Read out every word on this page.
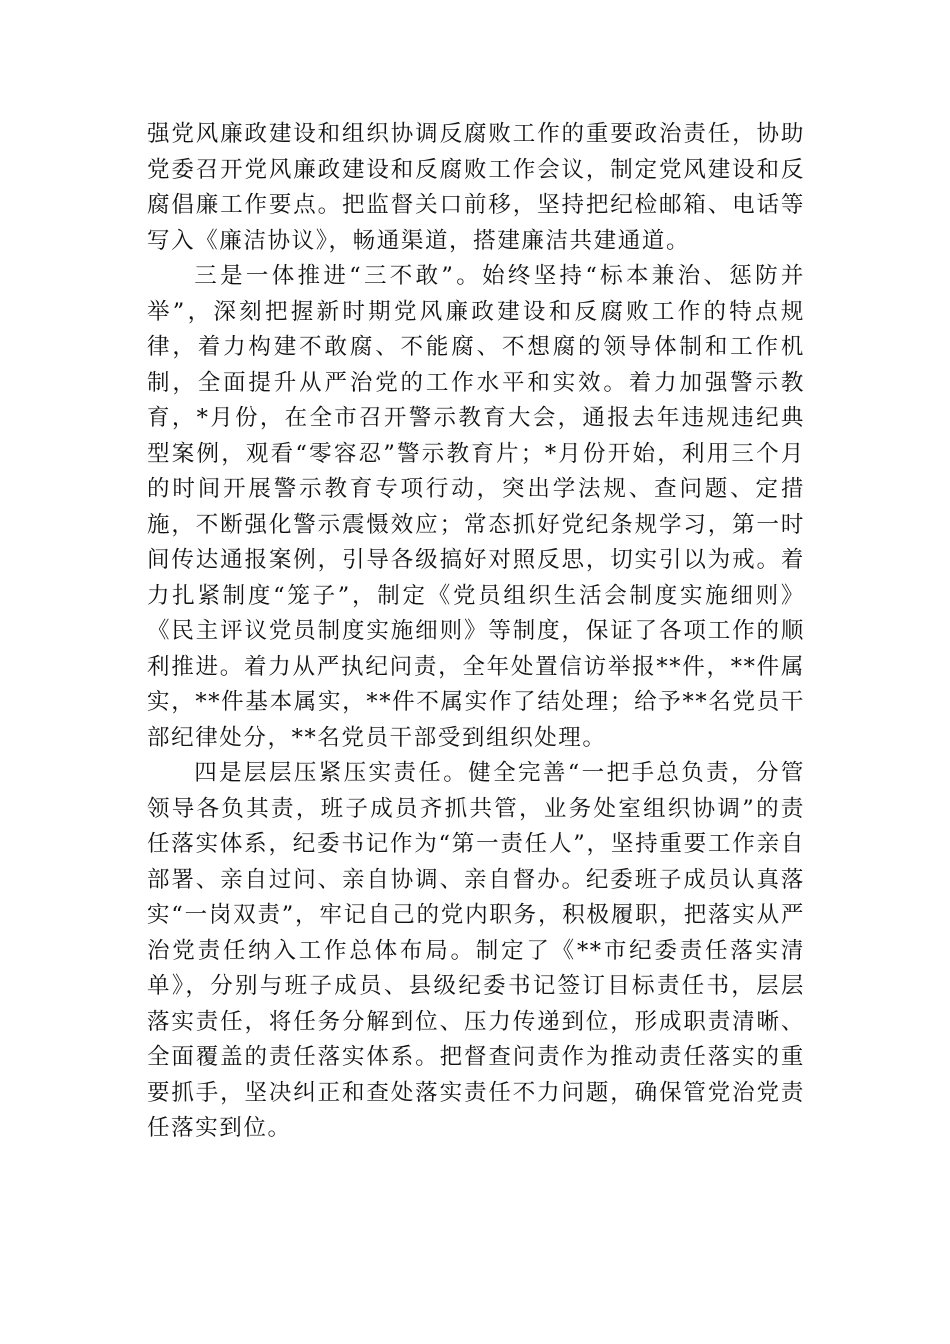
强党风廉政建设和组织协调反腐败工作的重要政治责任，协助党委召开党风廉政建设和反腐败工作会议，制定党风建设和反腐倡廉工作要点。把监督关口前移，坚持把纪检邮箱、电话等写入《廉洁协议》，畅通渠道，搭建廉洁共建通道。

三是一体推进“三不敢”。始终坚持“标本兼治、惩防并举”，深刻把握新时期党风廉政建设和反腐败工作的特点规律，着力构建不敢腐、不能腐、不想腐的领导体制和工作机制，全面提升从严治党的工作水平和实效。着力加强警示教育，*月份，在全市召开警示教育大会，通报去年违规违纪典型案例，观看“零容忍”警示教育片；*月份开始，利用三个月的时间开展警示教育专项行动，突出学法规、查问题、定措施，不断强化警示震慑效应；常态抓好党纪条规学习，第一时间传达通报案例，引导各级搞好对照反思，切实引以为戒。着力扎紧制度“笼子”，制定《党员组织生活会制度实施细则》《民主评议党员制度实施细则》等制度，保证了各项工作的顺利推进。着力从严执纪问责，全年处置信访举报**件，**件属实，**件基本属实，**件不属实作了结处理；给予**名党员干部纪律处分，**名党员干部受到组织处理。

四是层层压紧压实责任。健全完善“一把手总负责，分管领导各负其责，班子成员齐抓共管，业务处室组织协调”的责任落实体系，纪委书记作为“第一责任人”，坚持重要工作亲自部署、亲自过问、亲自协调、亲自督办。纪委班子成员认真落实“一岗双责”，牢记自己的党内职务，积极履职，把落实从严治党责任纳入工作总体布局。制定了《**市纪委责任落实清单》，分别与班子成员、县级纪委书记签订目标责任书，层层落实责任，将任务分解到位、压力传递到位，形成职责清晰、全面覆盖的责任落实体系。把督查问责作为推动责任落实的重要抓手，坚决纠正和查处落实责任不力问题，确保管党治党责任落实到位。
